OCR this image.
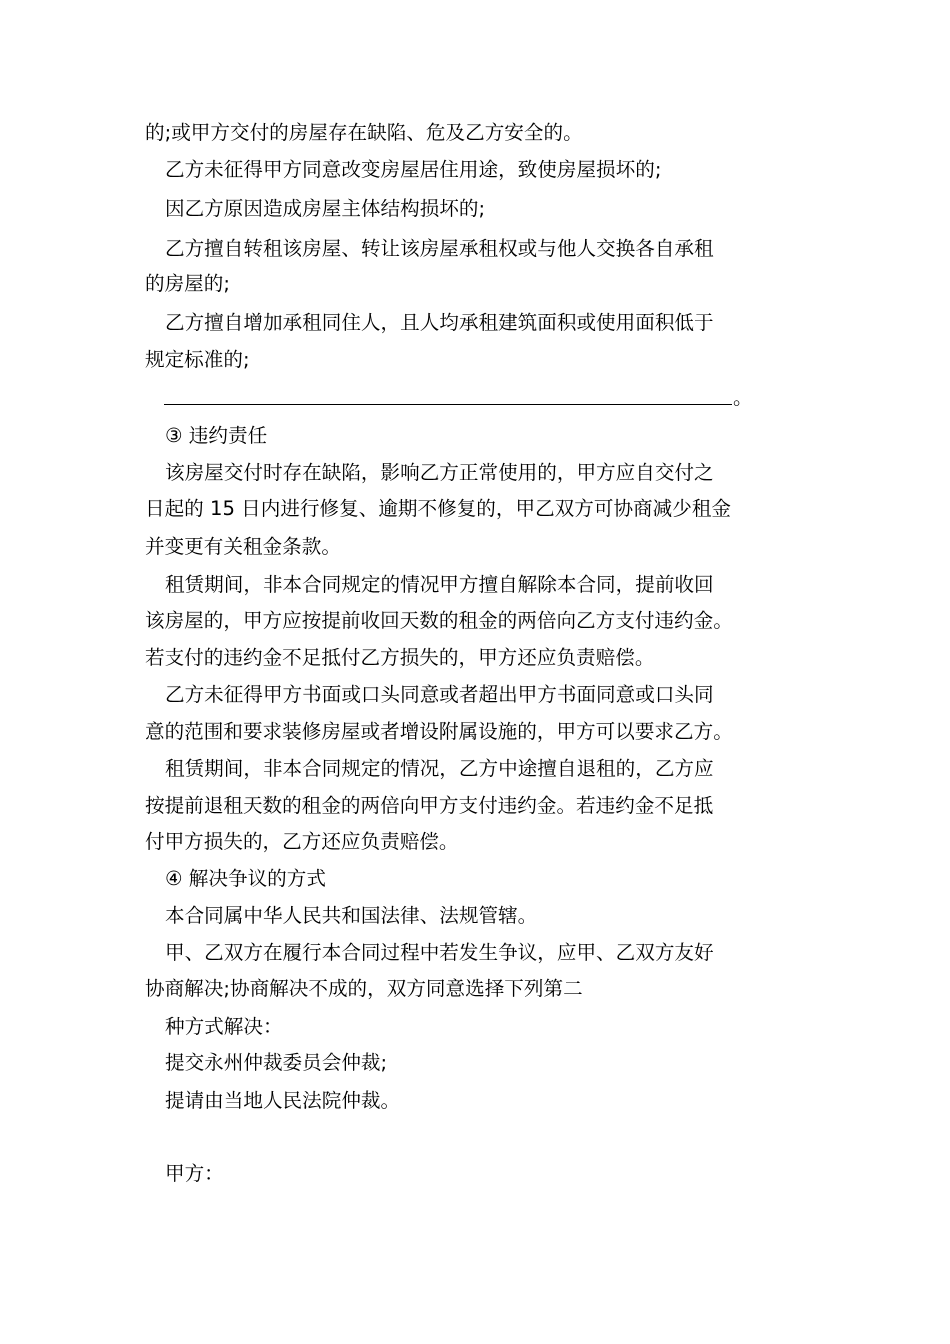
的;或甲方交付的房屋存在缺陷、危及乙方安全的。
乙方未征得甲方同意改变房屋居住用途，致使房屋损坏的;
因乙方原因造成房屋主体结构损坏的;
乙方擅自转租该房屋、转让该房屋承租权或与他人交换各自承租
的房屋的;
乙方擅自增加承租同住人，且人均承租建筑面积或使用面积低于
规定标准的;
。
③ 违约责任
该房屋交付时存在缺陷，影响乙方正常使用的，甲方应自交付之
日起的 15 日内进行修复、逾期不修复的，甲乙双方可协商减少租金
并变更有关租金条款。
租赁期间，非本合同规定的情况甲方擅自解除本合同，提前收回
该房屋的，甲方应按提前收回天数的租金的两倍向乙方支付违约金。
若支付的违约金不足抵付乙方损失的，甲方还应负责赔偿。
乙方未征得甲方书面或口头同意或者超出甲方书面同意或口头同
意的范围和要求装修房屋或者增设附属设施的，甲方可以要求乙方。
租赁期间，非本合同规定的情况，乙方中途擅自退租的，乙方应
按提前退租天数的租金的两倍向甲方支付违约金。若违约金不足抵
付甲方损失的，乙方还应负责赔偿。
④ 解决争议的方式
本合同属中华人民共和国法律、法规管辖。
甲、乙双方在履行本合同过程中若发生争议，应甲、乙双方友好
协商解决;协商解决不成的，双方同意选择下列第二
种方式解决：
提交永州仲裁委员会仲裁;
提请由当地人民法院仲裁。
甲方：
